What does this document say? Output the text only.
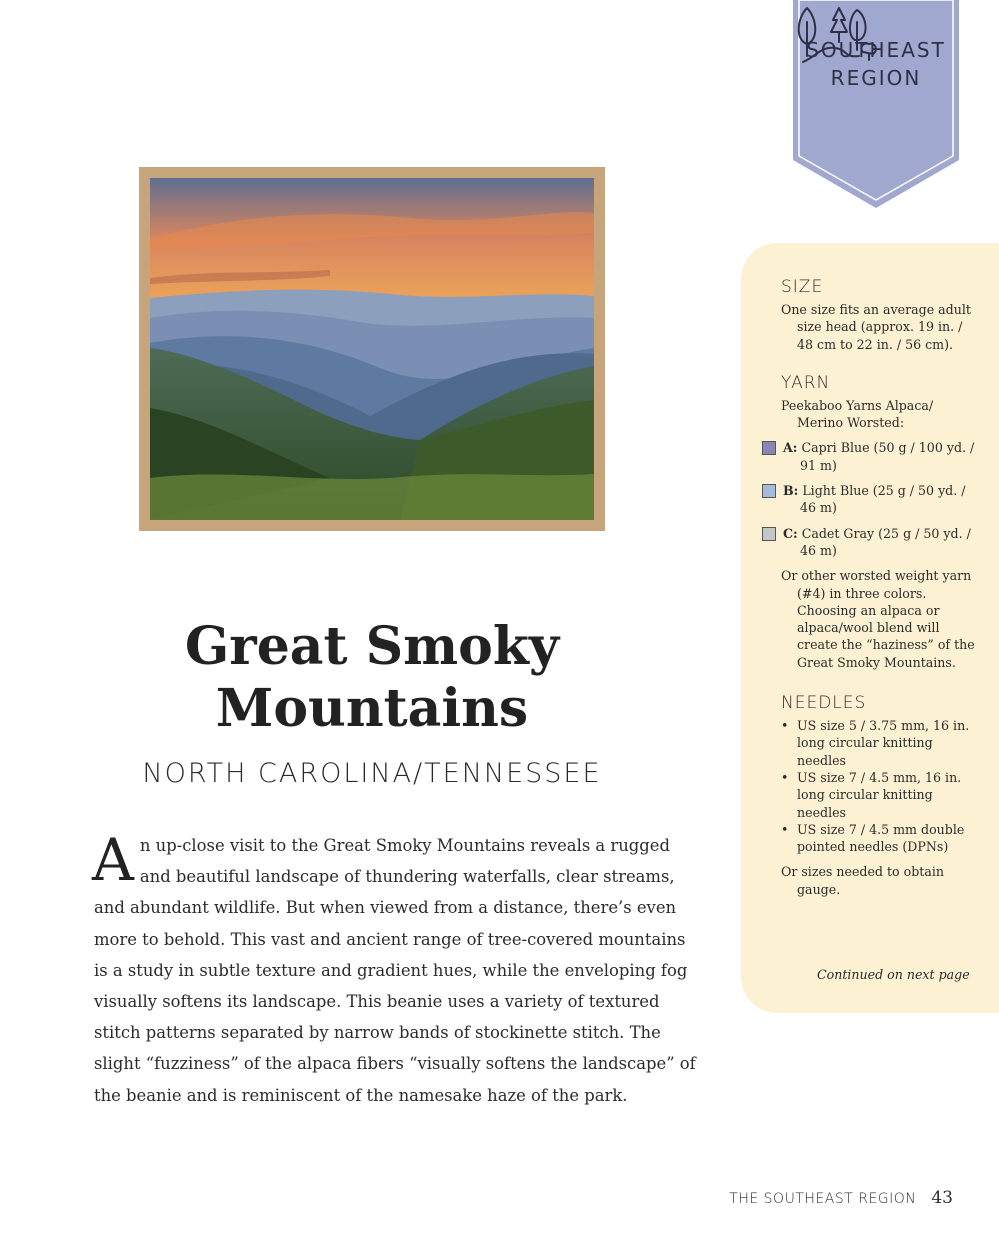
SOUTHEAST
REGION
Great Smoky
Mountains
NORTH CAROLINA/TENNESSEE
A n up-close visit to the Great Smoky Mountains reveals a rugged
and beautiful landscape of thundering waterfalls, clear streams,
and abundant wildlife. But when viewed from a distance, there’s even
more to behold. This vast and ancient range of tree-covered mountains
is a study in subtle texture and gradient hues, while the enveloping fog
visually softens its landscape. This beanie uses a variety of textured
stitch patterns separated by narrow bands of stockinette stitch. The
slight “fuzziness” of the alpaca fibers “visually softens the landscape” of
the beanie and is reminiscent of the namesake haze of the park.
SIZE

One size fits an average adult size head (approx. 19 in. / 48 cm to 22 in. / 56 cm).

YARN

Peekaboo Yarns Alpaca/ Merino Worsted:

A: Capri Blue (50 g / 100 yd. / 91 m)

B: Light Blue (25 g / 50 yd. / 46 m)

C: Cadet Gray (25 g / 50 yd. / 46 m)

Or other worsted weight yarn (#4) in three colors. Choosing an alpaca or alpaca/wool blend will create the “haziness” of the Great Smoky Mountains.

NEEDLES
• US size 5 / 3.75 mm, 16 in. long circular knitting needles
• US size 7 / 4.5 mm, 16 in. long circular knitting needles
• US size 7 / 4.5 mm double pointed needles (DPNs)

Or sizes needed to obtain gauge.

Continued on next page
THE SOUTHEAST REGION 43
